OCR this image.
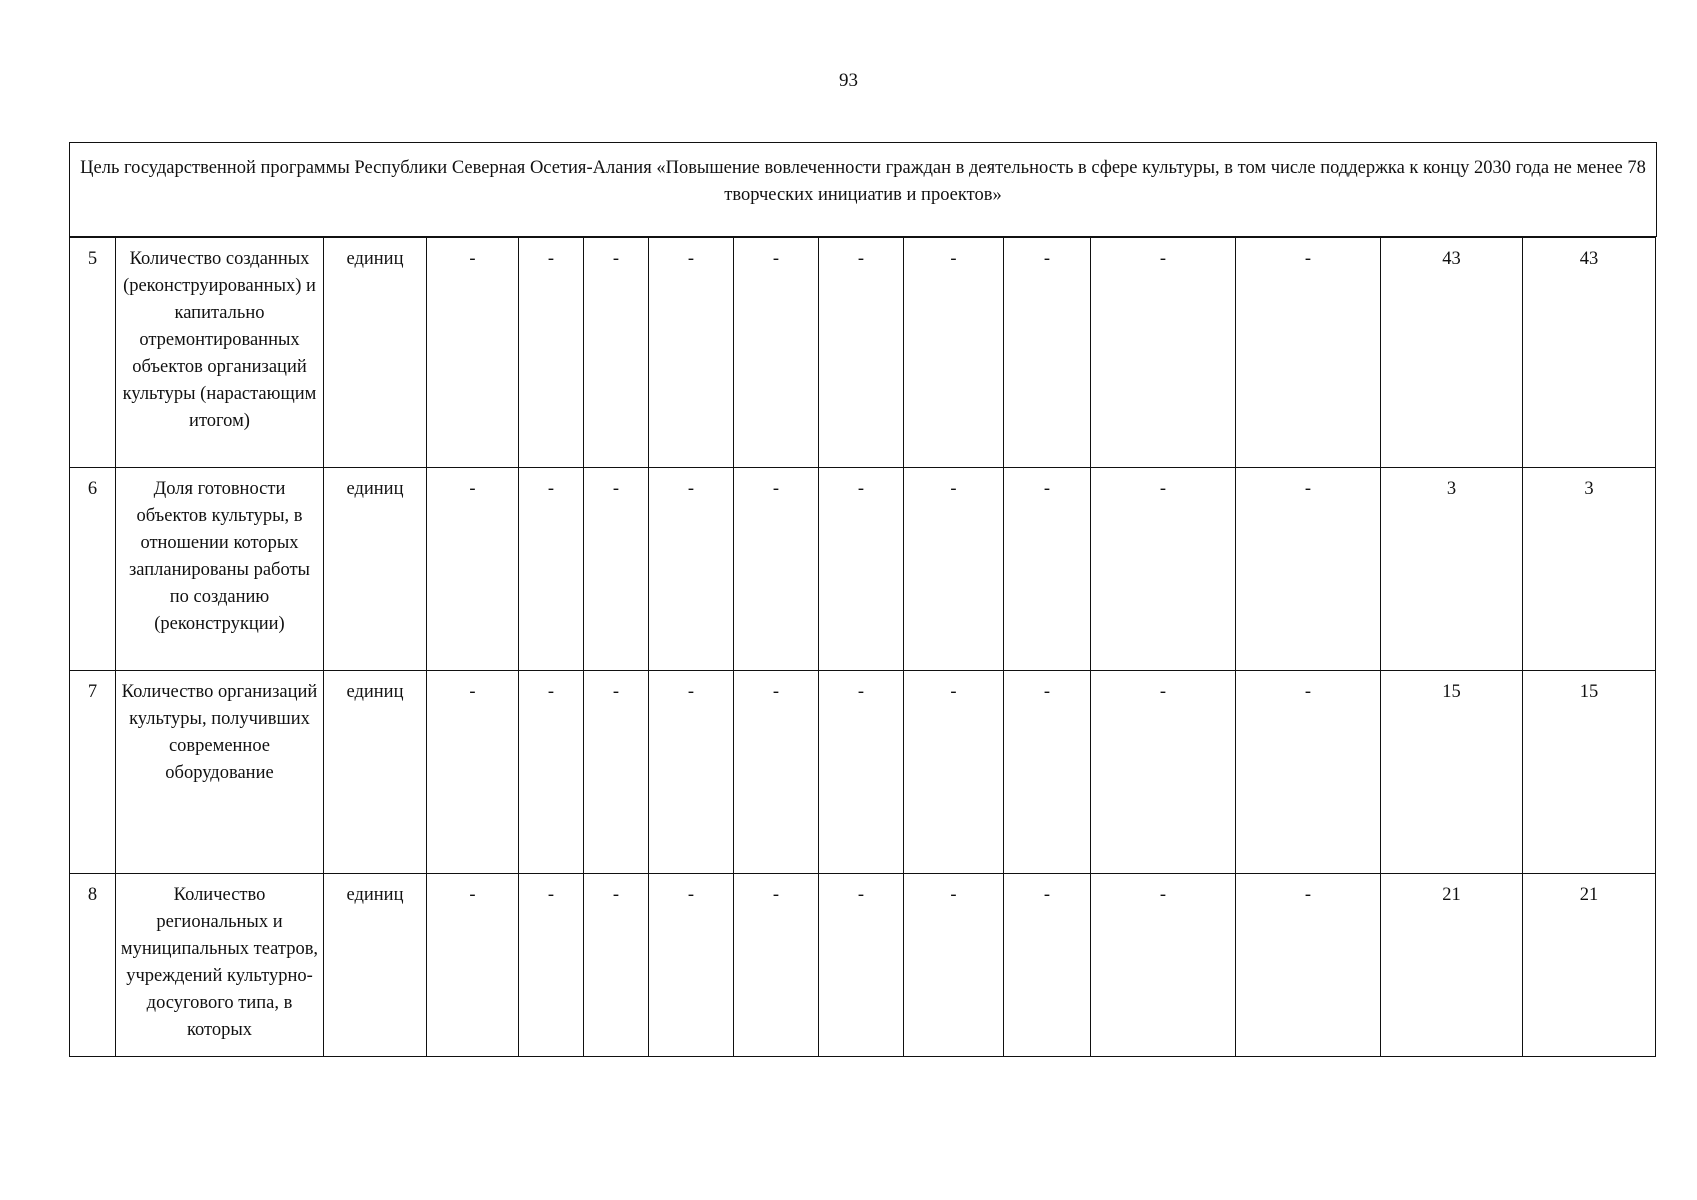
93
Цель государственной программы Республики Северная Осетия-Алания «Повышение вовлеченности граждан в деятельность в сфере культуры, в том числе поддержка к концу 2030 года не менее 78 творческих инициатив и проектов»
5	Количество созданных (реконструированных) и капитально отремонтированных объектов организаций культуры (нарастающим итогом)	единиц	-	-	-	-	-	-	-	-	-	-	43	43
6	Доля готовности объектов культуры, в отношении которых запланированы работы по созданию (реконструкции)	единиц	-	-	-	-	-	-	-	-	-	-	3	3
7	Количество организаций культуры, получивших современное оборудование	единиц	-	-	-	-	-	-	-	-	-	-	15	15
8	Количество региональных и муниципальных театров, учреждений культурно-досугового типа, в которых	единиц	-	-	-	-	-	-	-	-	-	-	21	21
